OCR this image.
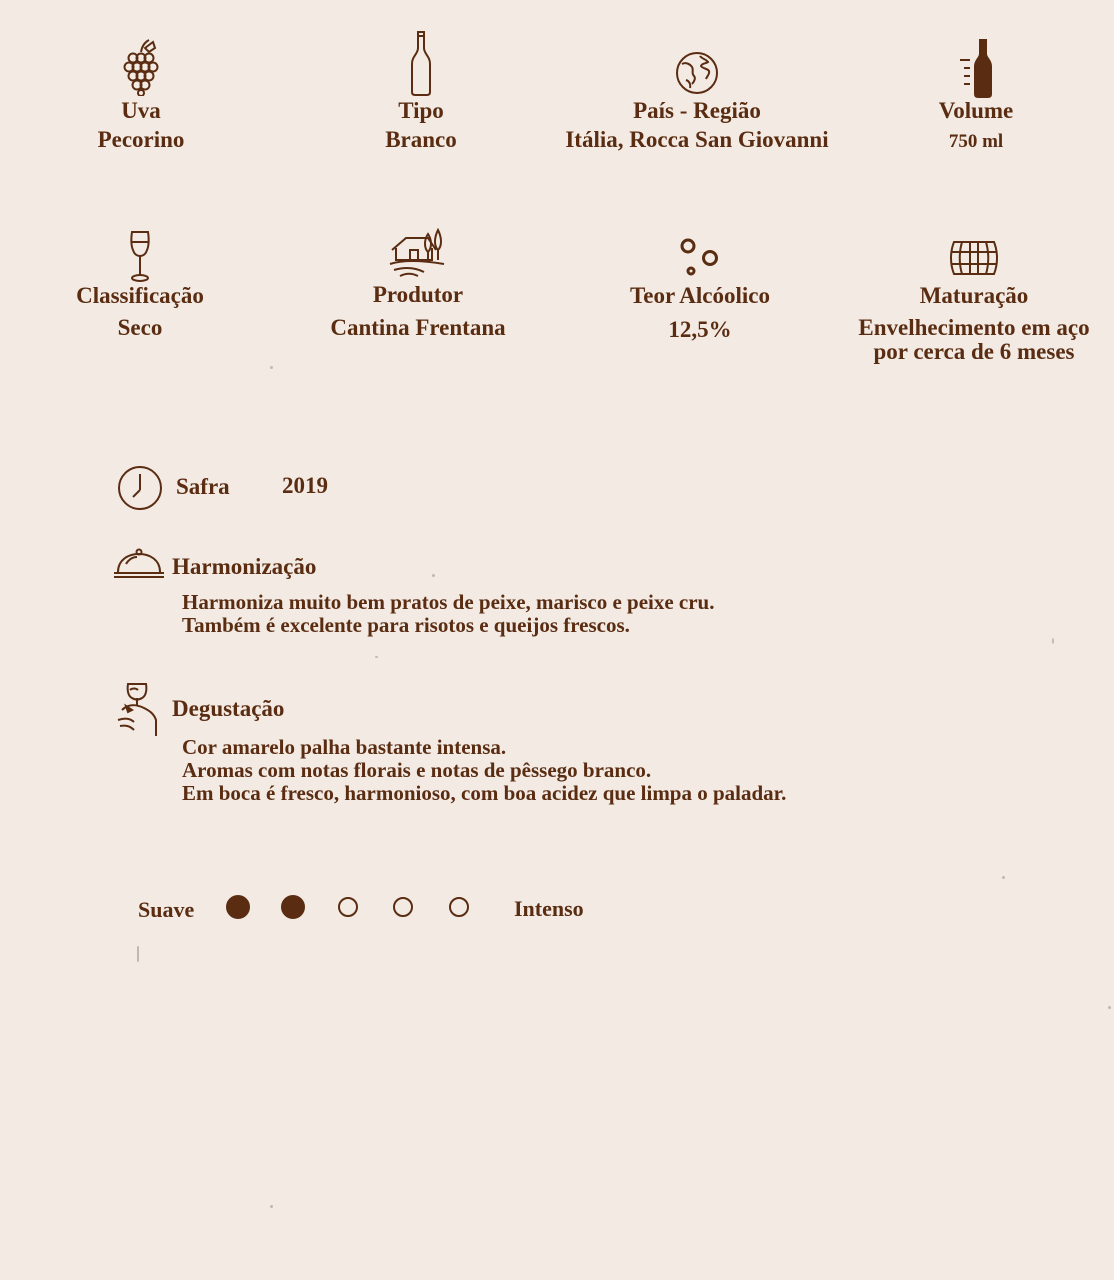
Uva
Pecorino
Tipo
Branco
País - Região
Itália, Rocca San Giovanni
Volume
750 ml
Classificação
Seco
Produtor
Cantina Frentana
Teor Alcóolico
12,5%
Maturação
Envelhecimento em aço
por cerca de 6 meses
Safra 2019
Harmonização
Harmoniza muito bem pratos de peixe, marisco e peixe cru.
Também é excelente para risotos e queijos frescos.
Degustação
Cor amarelo palha bastante intensa.
Aromas com notas florais e notas de pêssego branco.
Em boca é fresco, harmonioso, com boa acidez que limpa o paladar.
Suave	Intenso
